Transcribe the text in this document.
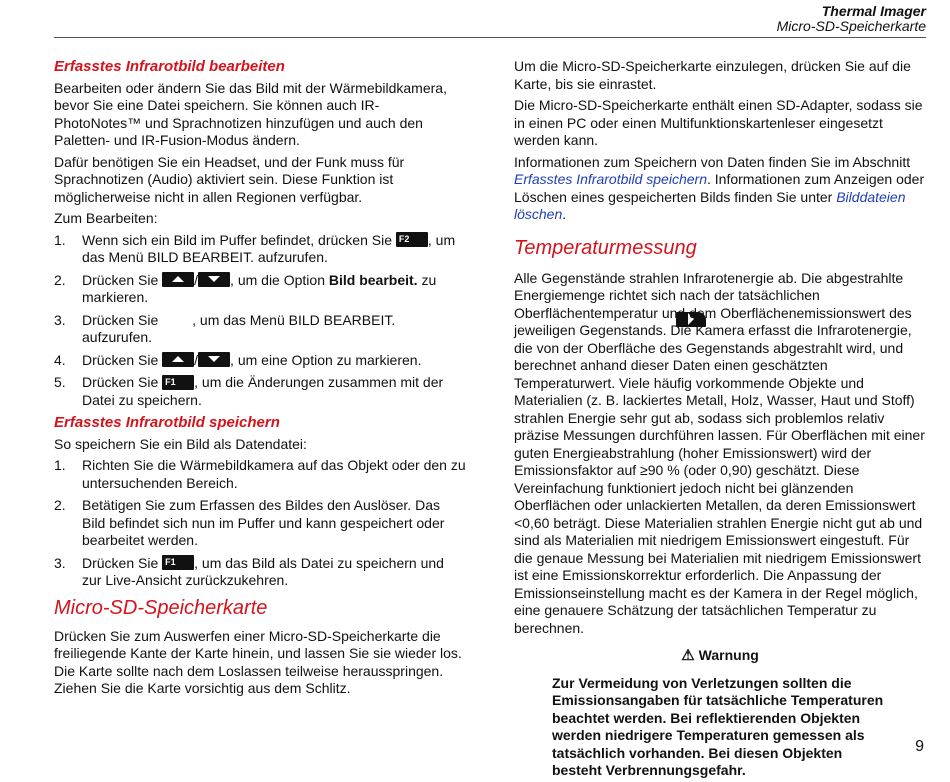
Thermal Imager
Micro-SD-Speicherkarte
Erfasstes Infrarotbild bearbeiten

Bearbeiten oder ändern Sie das Bild mit der Wärmebildkamera, bevor Sie eine Datei speichern. Sie können auch IR-PhotoNotes™ und Sprachnotizen hinzufügen und auch den Paletten- und IR-Fusion-Modus ändern.

Dafür benötigen Sie ein Headset, und der Funk muss für Sprachnotizen (Audio) aktiviert sein. Diese Funktion ist möglicherweise nicht in allen Regionen verfügbar.

Zum Bearbeiten:

1. Wenn sich ein Bild im Puffer befindet, drücken Sie F2 , um das Menü BILD BEARBEIT. aufzurufen.
2. Drücken Sie	/ , um die Option Bild bearbeit. zu markieren.
3. Drücken Sie , um das Menü BILD BEARBEIT. aufzurufen.
4. Drücken Sie	/ , um eine Option zu markieren.
5. Drücken Sie F1 , um die Änderungen zusammen mit der Datei zu speichern.
Erfasstes Infrarotbild speichern

So speichern Sie ein Bild als Datendatei:

1. Richten Sie die Wärmebildkamera auf das Objekt oder den zu untersuchenden Bereich.
2. Betätigen Sie zum Erfassen des Bildes den Auslöser. Das Bild befindet sich nun im Puffer und kann gespeichert oder bearbeitet werden.
3. Drücken Sie F1 , um das Bild als Datei zu speichern und zur Live-Ansicht zurückzukehren.
Micro-SD-Speicherkarte

Drücken Sie zum Auswerfen einer Micro-SD-Speicherkarte die freiliegende Kante der Karte hinein, und lassen Sie sie wieder los. Die Karte sollte nach dem Loslassen teilweise herausspringen. Ziehen Sie die Karte vorsichtig aus dem Schlitz.

Um die Micro-SD-Speicherkarte einzulegen, drücken Sie auf die Karte, bis sie einrastet.

Die Micro-SD-Speicherkarte enthält einen SD-Adapter, sodass sie in einen PC oder einen Multifunktionskartenleser eingesetzt werden kann.

Informationen zum Speichern von Daten finden Sie im Abschnitt Erfasstes Infrarotbild speichern. Informationen zum Anzeigen oder Löschen eines gespeicherten Bilds finden Sie unter Bilddateien löschen.

Temperaturmessung

Alle Gegenstände strahlen Infrarotenergie ab. Die abgestrahlte Energiemenge richtet sich nach der tatsächlichen Oberflächentemperatur und dem Oberflächenemissionswert des jeweiligen Gegenstands. Die Kamera erfasst die Infrarotenergie, die von der Oberfläche des Gegenstands abgestrahlt wird, und berechnet anhand dieser Daten einen geschätzten Temperaturwert. Viele häufig vorkommende Objekte und Materialien (z. B. lackiertes Metall, Holz, Wasser, Haut und Stoff) strahlen Energie sehr gut ab, sodass sich problemlos relativ präzise Messungen durchführen lassen. Für Oberflächen mit einer guten Energieabstrahlung (hoher Emissionswert) wird der Emissionsfaktor auf ≥90 % (oder 0,90) geschätzt. Diese Vereinfachung funktioniert jedoch nicht bei glänzenden Oberflächen oder unlackierten Metallen, da deren Emissionswert <0,60 beträgt. Diese Materialien strahlen Energie nicht gut ab und sind als Materialien mit niedrigem Emissionswert eingestuft. Für die genaue Messung bei Materialien mit niedrigem Emissionswert ist eine Emissionskorrektur erforderlich. Die Anpassung der Emissionseinstellung macht es der Kamera in der Regel möglich, eine genauere Schätzung der tatsächlichen Temperatur zu berechnen.

⚠ Warnung
Zur Vermeidung von Verletzungen sollten die Emissionsangaben für tatsächliche Temperaturen beachtet werden. Bei reflektierenden Objekten werden niedrigere Temperaturen gemessen als tatsächlich vorhanden. Bei diesen Objekten besteht Verbrennungsgefahr.
9
